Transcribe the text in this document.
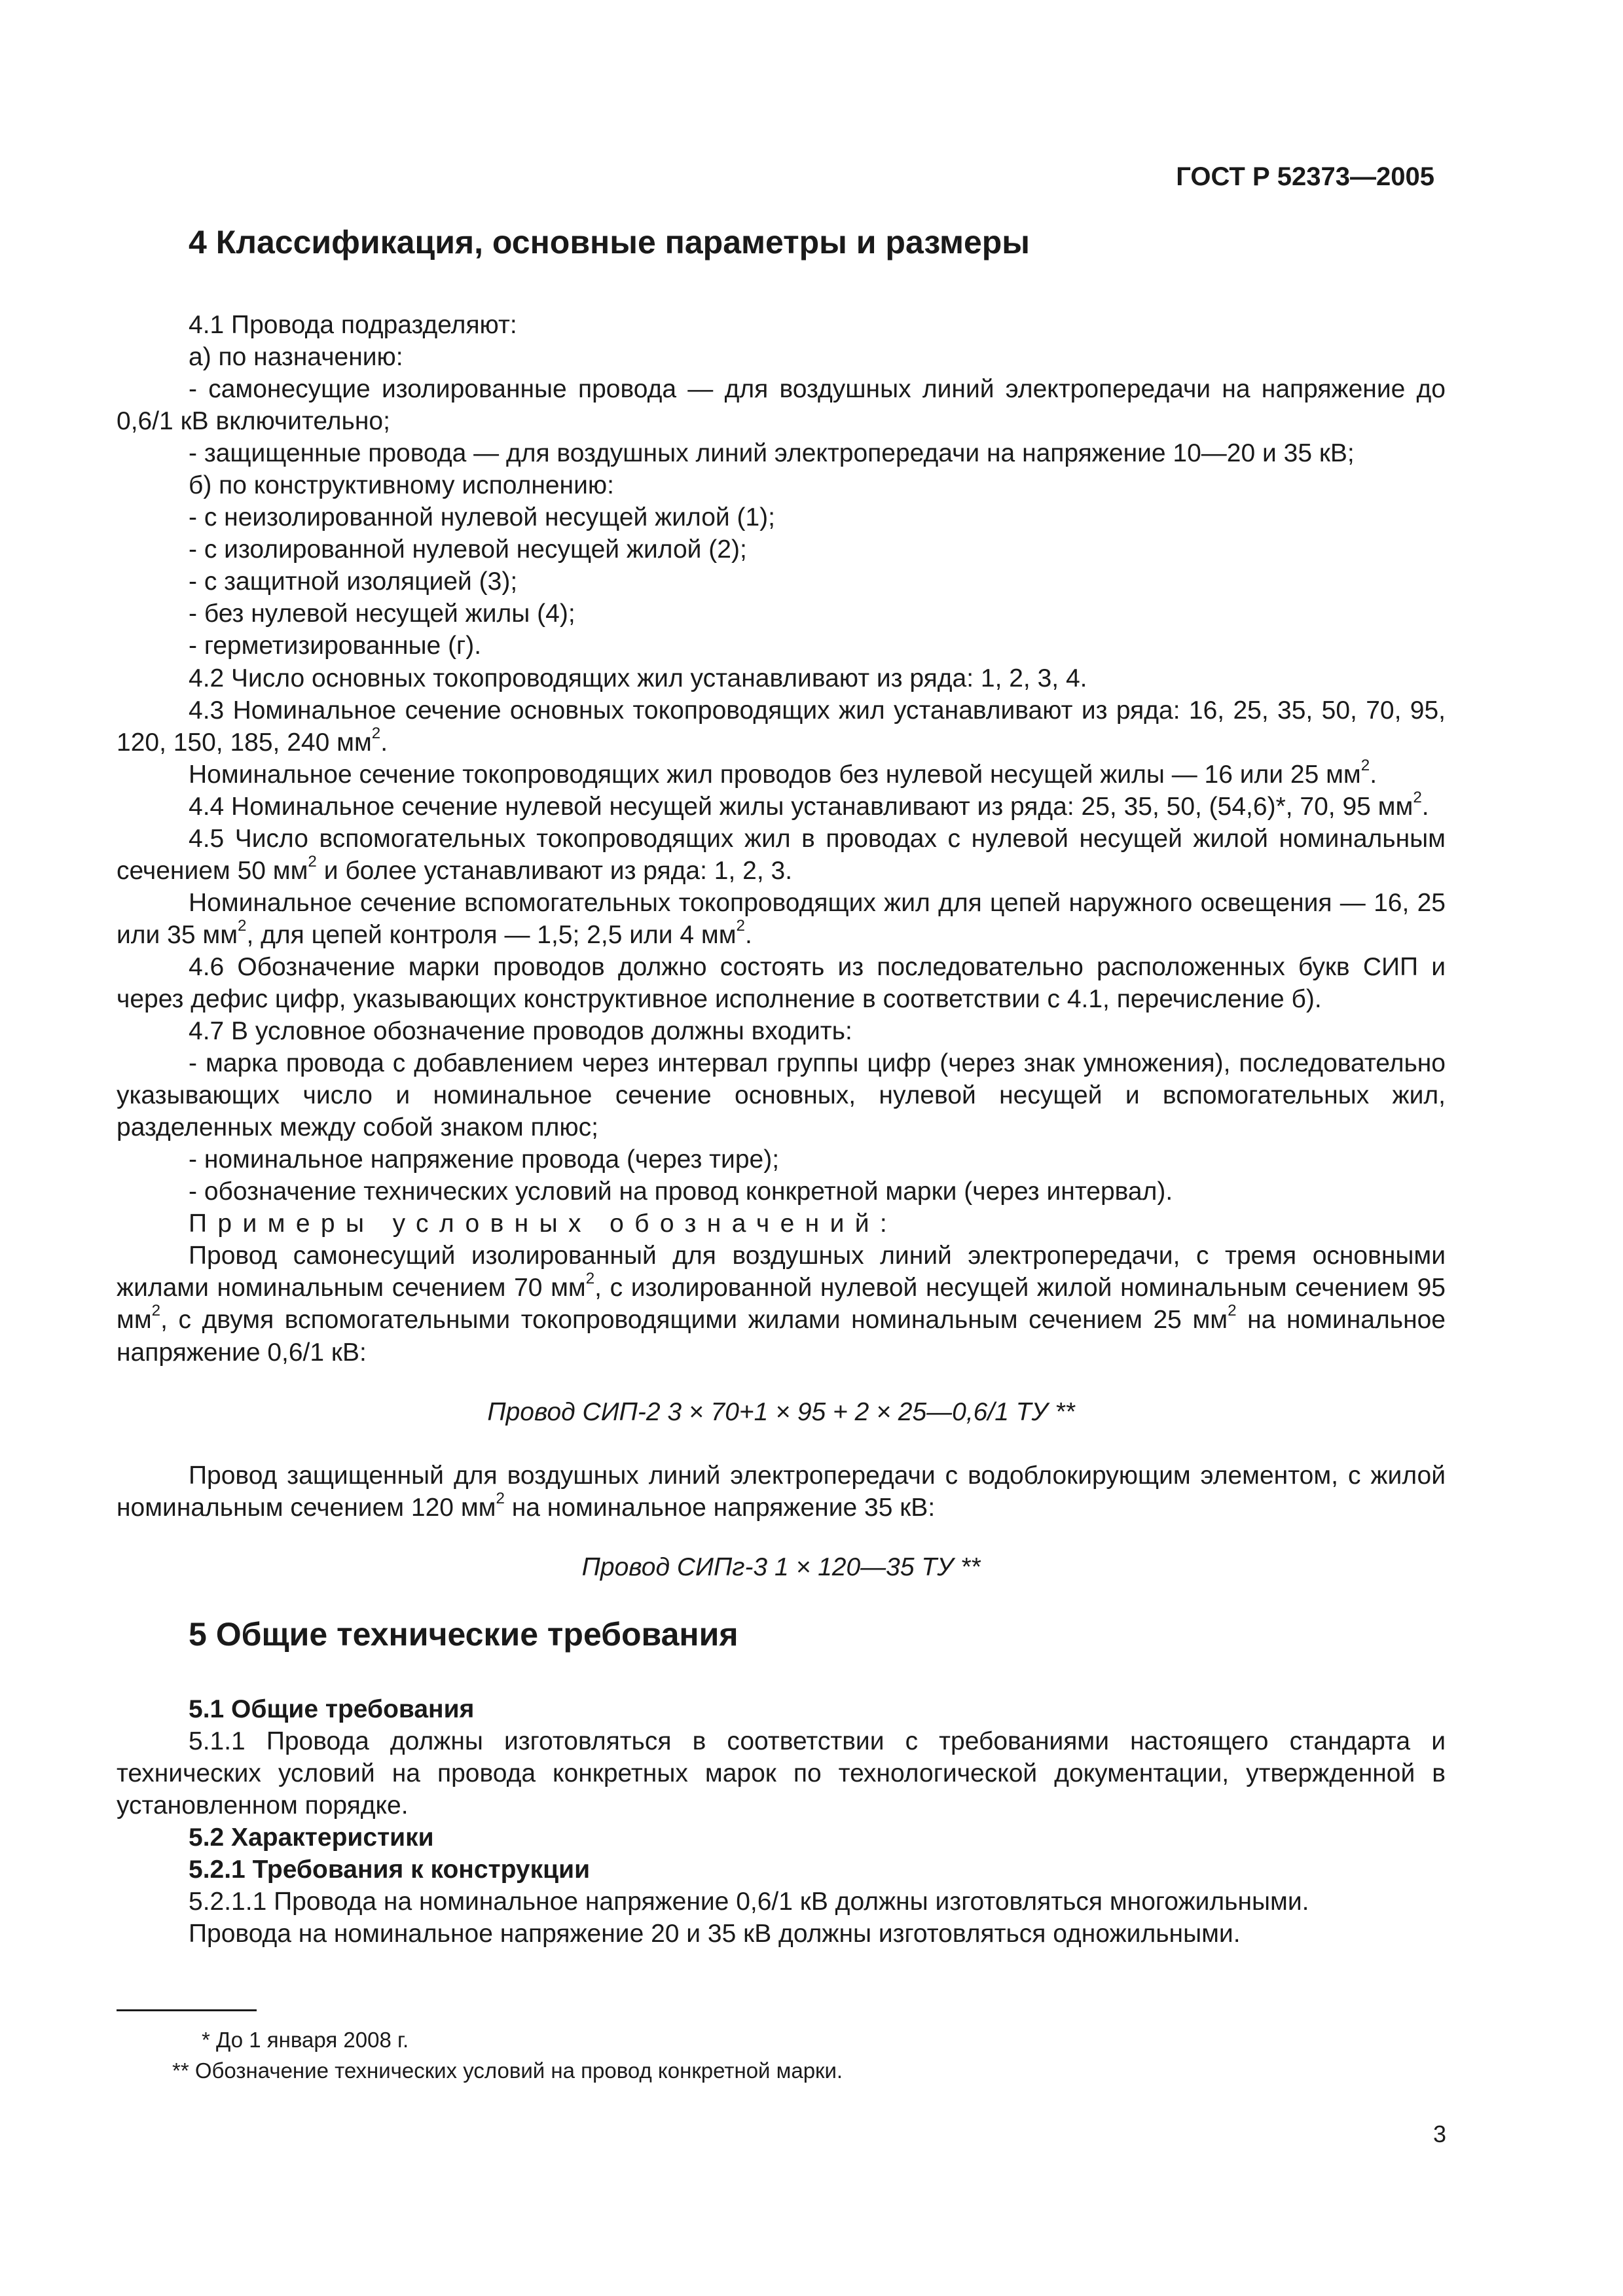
ГОСТ Р 52373—2005
4 Классификация, основные параметры и размеры

4.1 Провода подразделяют:

а) по назначению:

- самонесущие изолированные провода — для воздушных линий электропередачи на напряжение до 0,6/1 кВ включительно;

- защищенные провода — для воздушных линий электропередачи на напряжение 10—20 и 35 кВ;

б) по конструктивному исполнению:

- с неизолированной нулевой несущей жилой (1);

- с изолированной нулевой несущей жилой (2);

- с защитной изоляцией (3);

- без нулевой несущей жилы (4);

- герметизированные (г).

4.2 Число основных токопроводящих жил устанавливают из ряда: 1, 2, 3, 4.

4.3 Номинальное сечение основных токопроводящих жил устанавливают из ряда: 16, 25, 35, 50, 70, 95, 120, 150, 185, 240 $мм^2$.

Номинальное сечение токопроводящих жил проводов без нулевой несущей жилы — 16 или 25 $мм^2$.

4.4 Номинальное сечение нулевой несущей жилы устанавливают из ряда: 25, 35, 50, (54,6)*, 70, 95 $мм^2$.

4.5 Число вспомогательных токопроводящих жил в проводах с нулевой несущей жилой номинальным сечением 50 $мм^2$ и более устанавливают из ряда: 1, 2, 3.

Номинальное сечение вспомогательных токопроводящих жил для цепей наружного освещения — 16, 25 или 35 $мм^2$, для цепей контроля — 1,5; 2,5 или 4 $мм^2$.

4.6 Обозначение марки проводов должно состоять из последовательно расположенных букв СИП и через дефис цифр, указывающих конструктивное исполнение в соответствии с 4.1, перечисление б).

4.7 В условное обозначение проводов должны входить:

- марка провода с добавлением через интервал группы цифр (через знак умножения), последовательно указывающих число и номинальное сечение основных, нулевой несущей и вспомогательных жил, разделенных между собой знаком плюс;

- номинальное напряжение провода (через тире);

- обозначение технических условий на провод конкретной марки (через интервал).

Примеры условных обозначений:

Провод самонесущий изолированный для воздушных линий электропередачи, с тремя основными жилами номинальным сечением 70 $мм^2$, с изолированной нулевой несущей жилой номинальным сечением 95 $мм^2$, с двумя вспомогательными токопроводящими жилами номинальным сечением 25 $мм^2$ на номинальное напряжение 0,6/1 кВ:

Провод СИП-2 3 × 70+1 × 95 + 2 × 25—0,6/1 ТУ **

Провод защищенный для воздушных линий электропередачи с водоблокирующим элементом, с жилой номинальным сечением 120 $мм^2$ на номинальное напряжение 35 кВ:

Провод СИПг-3 1 × 120—35 ТУ **
5 Общие технические требования

5.1 Общие требования

5.1.1 Провода должны изготовляться в соответствии с требованиями настоящего стандарта и технических условий на провода конкретных марок по технологической документации, утвержденной в установленном порядке.

5.2 Характеристики

5.2.1 Требования к конструкции

5.2.1.1 Провода на номинальное напряжение 0,6/1 кВ должны изготовляться многожильными.

Провода на номинальное напряжение 20 и 35 кВ должны изготовляться одножильными.

* До 1 января 2008 г.
** Обозначение технических условий на провод конкретной марки.
3
